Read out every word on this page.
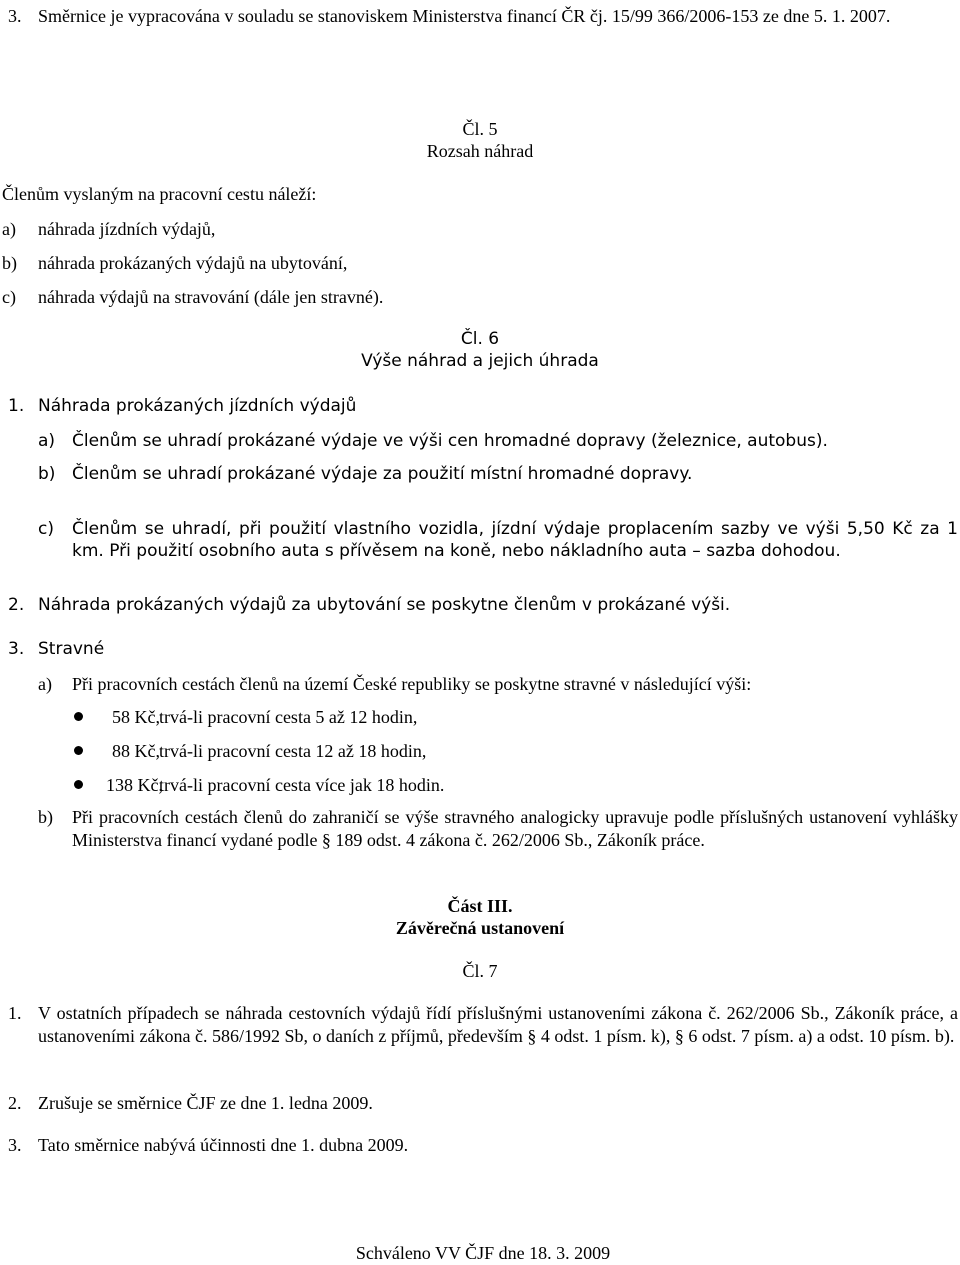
3. Směrnice je vypracována v souladu se stanoviskem Ministerstva financí ČR čj. 15/99 366/2006-153 ze dne 5. 1. 2007.
Čl. 5
Rozsah náhrad
Členům vyslaným na pracovní cestu náleží:
a) náhrada jízdních výdajů,
b) náhrada prokázaných výdajů na ubytování,
c) náhrada výdajů na stravování (dále jen stravné).
Čl. 6
Výše náhrad a jejich úhrada
1. Náhrada prokázaných jízdních výdajů
a) Členům se uhradí prokázané výdaje ve výši cen hromadné dopravy (železnice, autobus).
b) Členům se uhradí prokázané výdaje za použití místní hromadné dopravy.
c) Členům se uhradí, při použití vlastního vozidla, jízdní výdaje proplacením sazby ve výši 5,50 Kč za 1 km. Při použití osobního auta s přívěsem na koně, nebo nákladního auta – sazba dohodou.
2. Náhrada prokázaných výdajů za ubytování se poskytne členům v prokázané výši.
3. Stravné
a) Při pracovních cestách členů na území České republiky se poskytne stravné v následující výši:
58 Kč, trvá-li pracovní cesta 5 až 12 hodin,
88 Kč, trvá-li pracovní cesta 12 až 18 hodin,
138 Kč,
trvá-li pracovní cesta více jak 18 hodin.
b) Při pracovních cestách členů do zahraničí se výše stravného analogicky upravuje podle příslušných ustanovení vyhlášky Ministerstva financí vydané podle § 189 odst. 4 zákona č. 262/2006 Sb., Zákoník práce.
Část III.
Závěrečná ustanovení
Čl. 7
1. V ostatních případech se náhrada cestovních výdajů řídí příslušnými ustanoveními zákona č. 262/2006 Sb., Zákoník práce, a ustanoveními zákona č. 586/1992 Sb, o daních z příjmů, především § 4 odst. 1 písm. k), § 6 odst. 7 písm. a) a odst. 10 písm. b).
2. Zrušuje se směrnice ČJF ze dne 1. ledna 2009.
3. Tato směrnice nabývá účinnosti dne 1. dubna 2009.
Schváleno VV ČJF dne 18. 3. 2009
